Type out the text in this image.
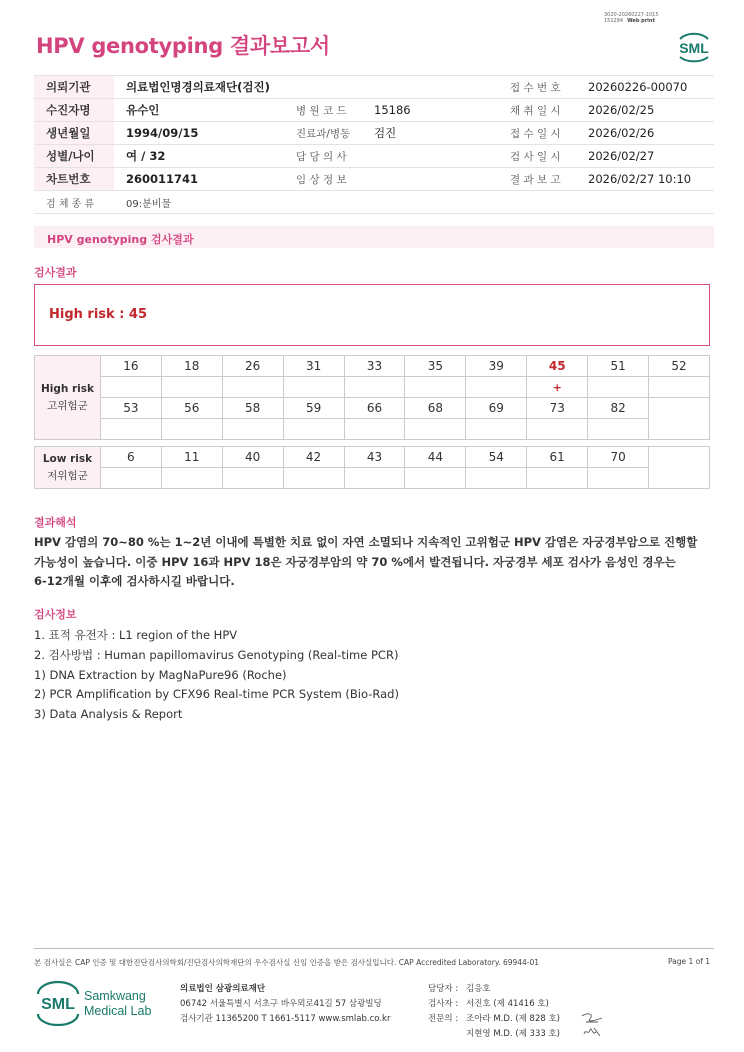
3020-20260227-1015
151284 Web print
HPV genotyping 결과보고서	SML
의뢰기관	의료법인명경의료재단(검진)			접 수 번 호	20260226-00070
수진자명	유수인	병 원 코 드	15186	채 취 일 시	2026/02/25
생년월일	1994/09/15	진료과/병동	검진	접 수 일 시	2026/02/26
성별/나이	여 / 32	담 당 의 사		검 사 일 시	2026/02/27
차트번호	260011741	임 상 정 보		결 과 보 고	2026/02/27 10:10
검 체 종 류	09:분비물				
HPV genotyping 검사결과
검사결과
High risk : 45
High risk
고위험군	16	18	26	31	33	35	39	45	51	52
								+		
	53	56	58	59	66	68	69	73	82	

Low risk
저위험군	6	11	40	42	43	44	54	61	70	

결과해석
HPV 감염의 70~80 %는 1~2년 이내에 특별한 치료 없이 자연 소멸되나 지속적인 고위험군 HPV 감염은 자궁경부암으로 진행할
가능성이 높습니다. 이중 HPV 16과 HPV 18은 자궁경부암의 약 70 %에서 발견됩니다. 자궁경부 세포 검사가 음성인 경우는
6-12개월 이후에 검사하시길 바랍니다.
검사정보
1. 표적 유전자 : L1 region of the HPV
2. 검사방법 : Human papillomavirus Genotyping (Real-time PCR)
1) DNA Extraction by MagNaPure96 (Roche)
2) PCR Amplification by CFX96 Real-time PCR System (Bio-Rad)
3) Data Analysis & Report
본 검사실은 CAP 인증 및 대한진단검사의학회/진단검사의학재단의 우수검사실 신임 인증을 받은 검사실입니다. CAP Accredited Laboratory. 69944-01	Page 1 of 1
SML Samkwang
Medical Lab
의료법인 삼광의료재단
06742 서울특별시 서초구 바우뫼로41길 57 삼광빌딩
검사기관 11365200 T 1661-5117 www.smlab.co.kr
담당자 : 김응호
검사자 : 서진호 (제 41416 호)
전문의 : 조아라 M.D. (제 828 호)
지현영 M.D. (제 333 호)
